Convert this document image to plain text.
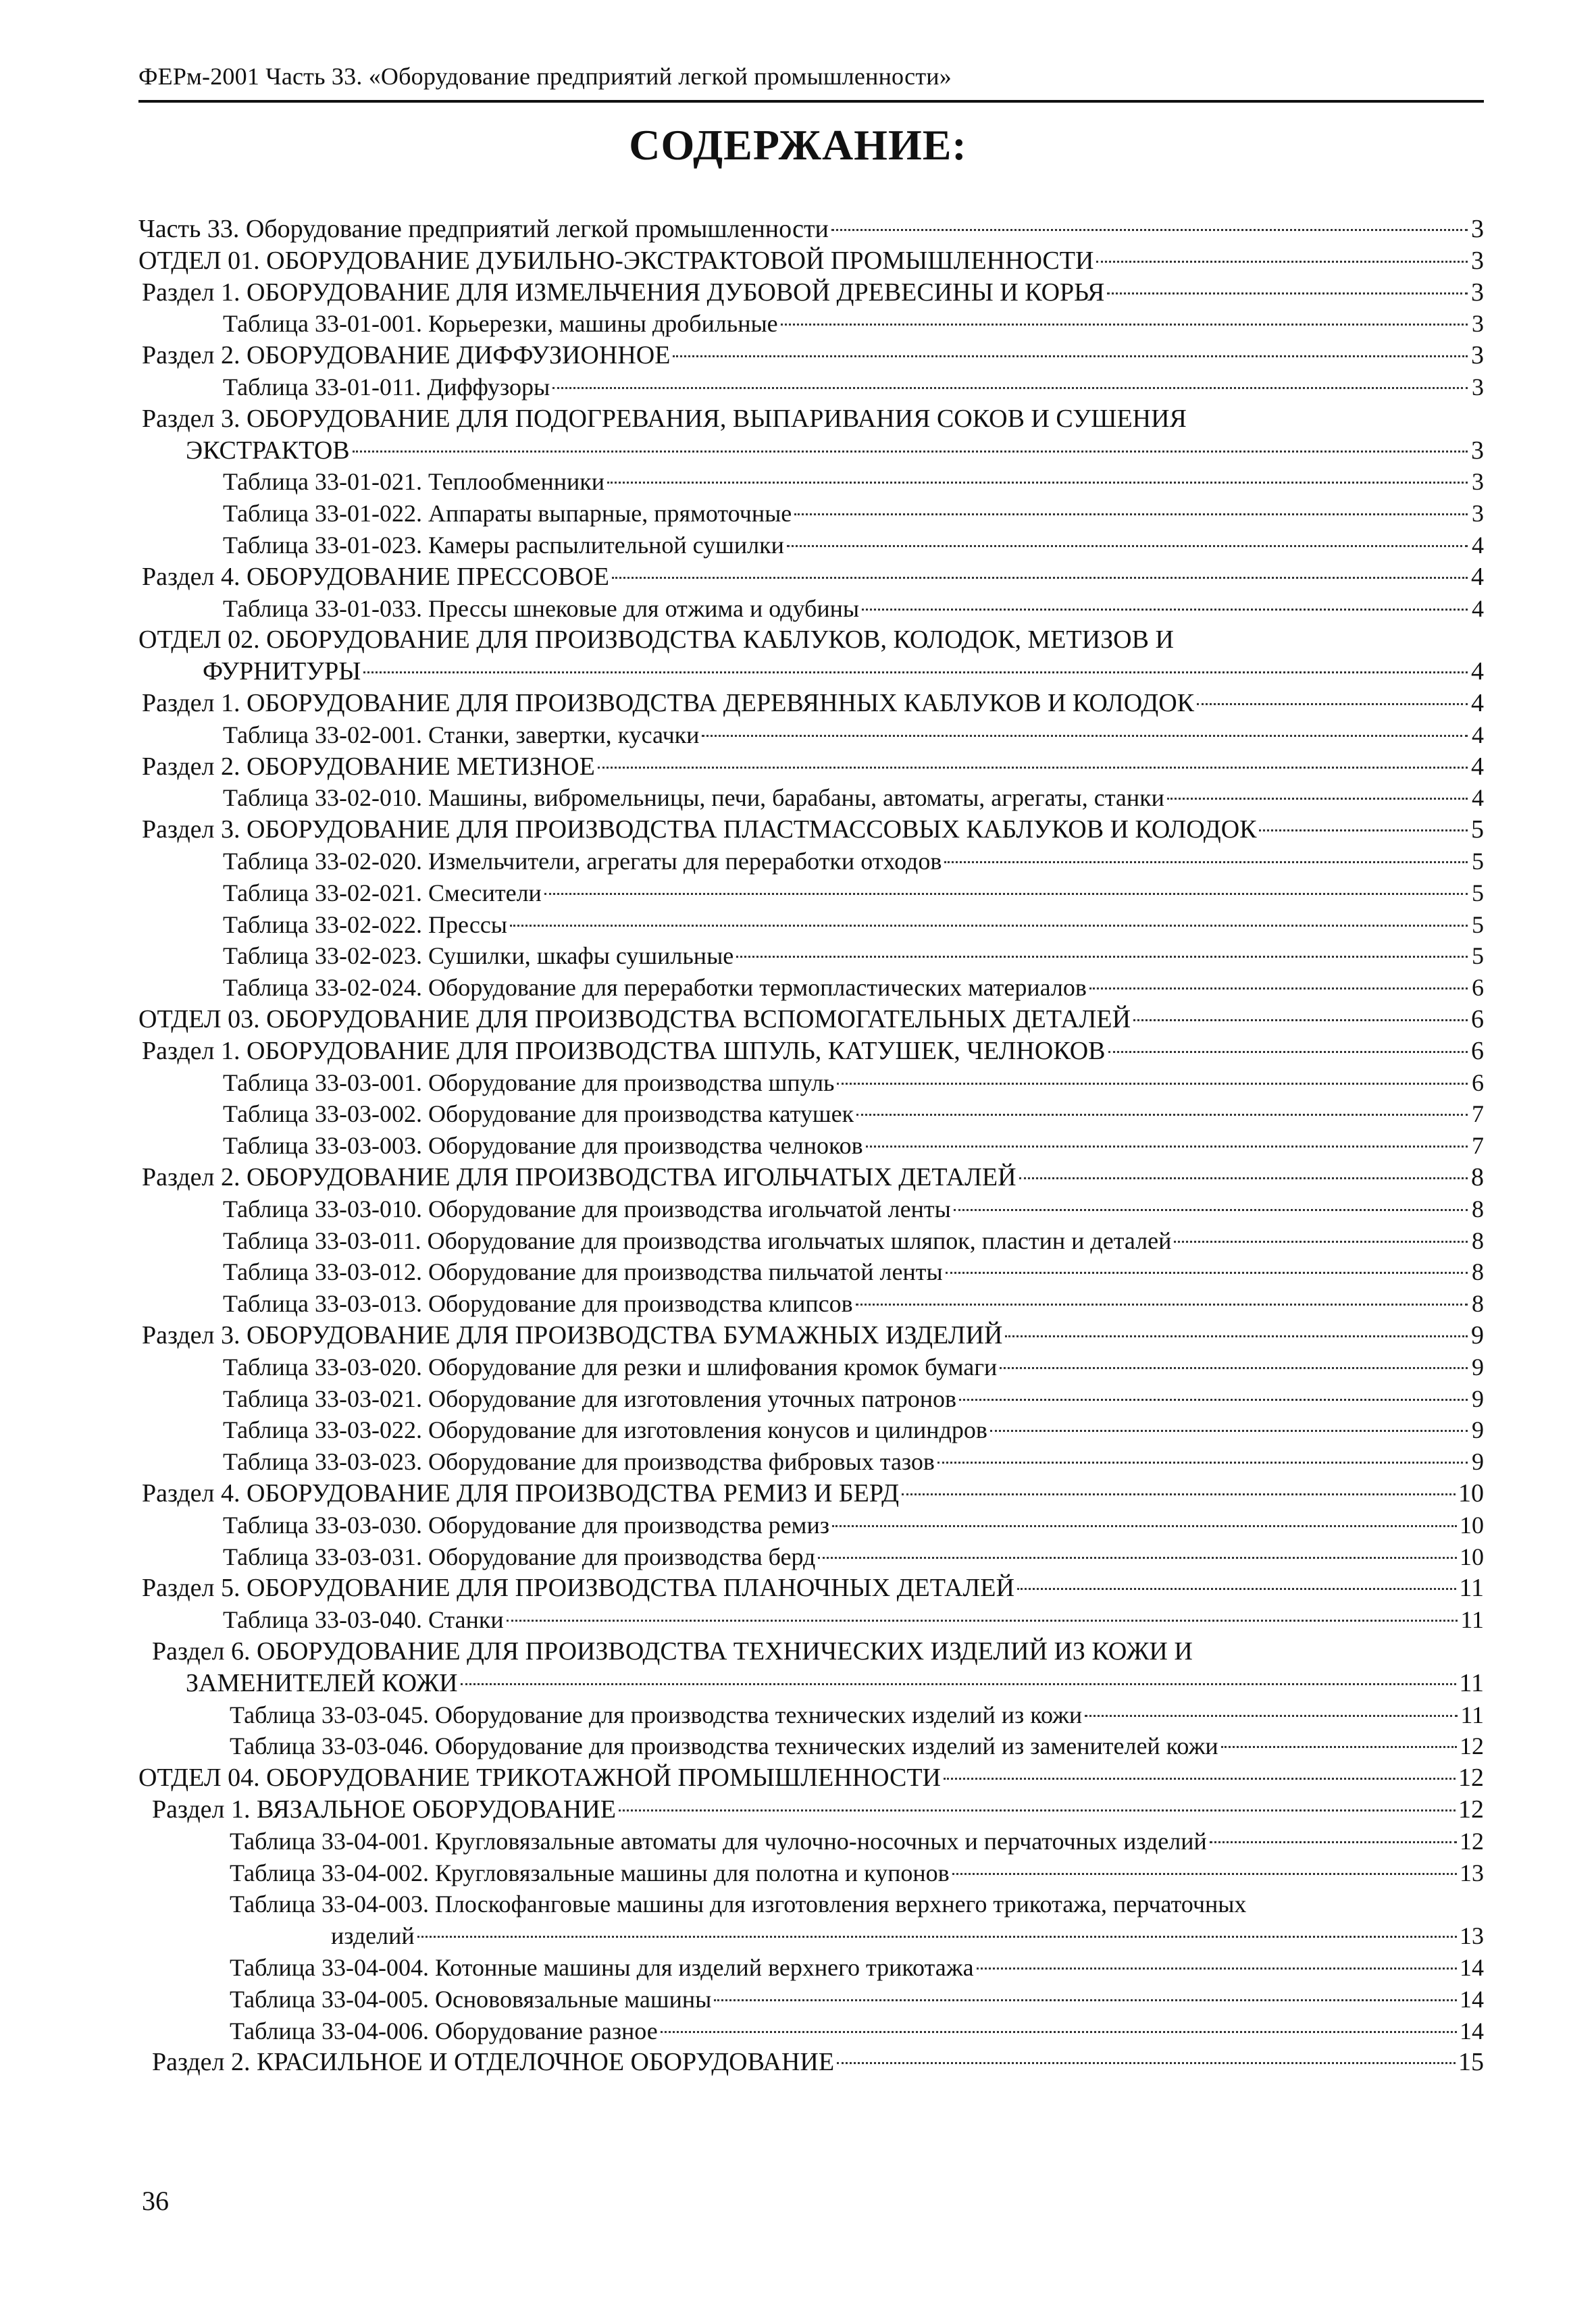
ФЕРм-2001 Часть 33. «Оборудование предприятий легкой промышленности»
СОДЕРЖАНИЕ:
Часть 33. Оборудование предприятий легкой промышленности	3
ОТДЕЛ 01. ОБОРУДОВАНИЕ ДУБИЛЬНО-ЭКСТРАКТОВОЙ ПРОМЫШЛЕННОСТИ	3
Раздел 1. ОБОРУДОВАНИЕ ДЛЯ ИЗМЕЛЬЧЕНИЯ ДУБОВОЙ ДРЕВЕСИНЫ И КОРЬЯ	3
Таблица 33-01-001. Корьерезки, машины дробильные	3
Раздел 2. ОБОРУДОВАНИЕ ДИФФУЗИОННОЕ	3
Таблица 33-01-011. Диффузоры	3
Раздел 3. ОБОРУДОВАНИЕ ДЛЯ ПОДОГРЕВАНИЯ, ВЫПАРИВАНИЯ СОКОВ И СУШЕНИЯ
ЭКСТРАКТОВ	3
Таблица 33-01-021. Теплообменники	3
Таблица 33-01-022. Аппараты выпарные, прямоточные	3
Таблица 33-01-023. Камеры распылительной сушилки	4
Раздел 4. ОБОРУДОВАНИЕ ПРЕССОВОЕ	4
Таблица 33-01-033. Прессы шнековые для отжима и одубины	4
ОТДЕЛ 02. ОБОРУДОВАНИЕ ДЛЯ ПРОИЗВОДСТВА КАБЛУКОВ, КОЛОДОК, МЕТИЗОВ И
ФУРНИТУРЫ	4
Раздел 1. ОБОРУДОВАНИЕ ДЛЯ ПРОИЗВОДСТВА ДЕРЕВЯННЫХ КАБЛУКОВ И КОЛОДОК	4
Таблица 33-02-001. Станки, завертки, кусачки	4
Раздел 2. ОБОРУДОВАНИЕ МЕТИЗНОЕ	4
Таблица 33-02-010. Машины, вибромельницы, печи, барабаны, автоматы, агрегаты, станки	4
Раздел 3. ОБОРУДОВАНИЕ ДЛЯ ПРОИЗВОДСТВА ПЛАСТМАССОВЫХ КАБЛУКОВ И КОЛОДОК	5
Таблица 33-02-020. Измельчители, агрегаты для переработки отходов	5
Таблица 33-02-021. Смесители	5
Таблица 33-02-022. Прессы	5
Таблица 33-02-023. Сушилки, шкафы сушильные	5
Таблица 33-02-024. Оборудование для переработки термопластических материалов	6
ОТДЕЛ 03. ОБОРУДОВАНИЕ ДЛЯ ПРОИЗВОДСТВА ВСПОМОГАТЕЛЬНЫХ ДЕТАЛЕЙ	6
Раздел 1. ОБОРУДОВАНИЕ ДЛЯ ПРОИЗВОДСТВА ШПУЛЬ, КАТУШЕК, ЧЕЛНОКОВ	6
Таблица 33-03-001. Оборудование для производства шпуль	6
Таблица 33-03-002. Оборудование для производства катушек	7
Таблица 33-03-003. Оборудование для производства челноков	7
Раздел 2. ОБОРУДОВАНИЕ ДЛЯ ПРОИЗВОДСТВА ИГОЛЬЧАТЫХ ДЕТАЛЕЙ	8
Таблица 33-03-010. Оборудование для производства игольчатой ленты	8
Таблица 33-03-011. Оборудование для производства игольчатых шляпок, пластин и деталей	8
Таблица 33-03-012. Оборудование для производства пильчатой ленты	8
Таблица 33-03-013. Оборудование для производства клипсов	8
Раздел 3. ОБОРУДОВАНИЕ ДЛЯ ПРОИЗВОДСТВА БУМАЖНЫХ ИЗДЕЛИЙ	9
Таблица 33-03-020. Оборудование для резки и шлифования кромок бумаги	9
Таблица 33-03-021. Оборудование для изготовления уточных патронов	9
Таблица 33-03-022. Оборудование для изготовления конусов и цилиндров	9
Таблица 33-03-023. Оборудование для производства фибровых тазов	9
Раздел 4. ОБОРУДОВАНИЕ ДЛЯ ПРОИЗВОДСТВА РЕМИЗ И БЕРД	10
Таблица 33-03-030. Оборудование для производства ремиз	10
Таблица 33-03-031. Оборудование для производства берд	10
Раздел 5. ОБОРУДОВАНИЕ ДЛЯ ПРОИЗВОДСТВА ПЛАНОЧНЫХ ДЕТАЛЕЙ	11
Таблица 33-03-040. Станки	11
Раздел 6. ОБОРУДОВАНИЕ ДЛЯ ПРОИЗВОДСТВА ТЕХНИЧЕСКИХ ИЗДЕЛИЙ ИЗ КОЖИ И
ЗАМЕНИТЕЛЕЙ КОЖИ	11
Таблица 33-03-045. Оборудование для производства технических изделий из кожи	11
Таблица 33-03-046. Оборудование для производства технических изделий из заменителей кожи	12
ОТДЕЛ 04. ОБОРУДОВАНИЕ ТРИКОТАЖНОЙ ПРОМЫШЛЕННОСТИ	12
Раздел 1. ВЯЗАЛЬНОЕ ОБОРУДОВАНИЕ	12
Таблица 33-04-001. Кругловязальные автоматы для чулочно-носочных и перчаточных изделий	12
Таблица 33-04-002. Кругловязальные машины для полотна и купонов	13
Таблица 33-04-003. Плоскофанговые машины для изготовления верхнего трикотажа, перчаточных
изделий	13
Таблица 33-04-004. Котонные машины для изделий верхнего трикотажа	14
Таблица 33-04-005. Основовязальные машины	14
Таблица 33-04-006. Оборудование разное	14
Раздел 2. КРАСИЛЬНОЕ И ОТДЕЛОЧНОЕ ОБОРУДОВАНИЕ	15
36
